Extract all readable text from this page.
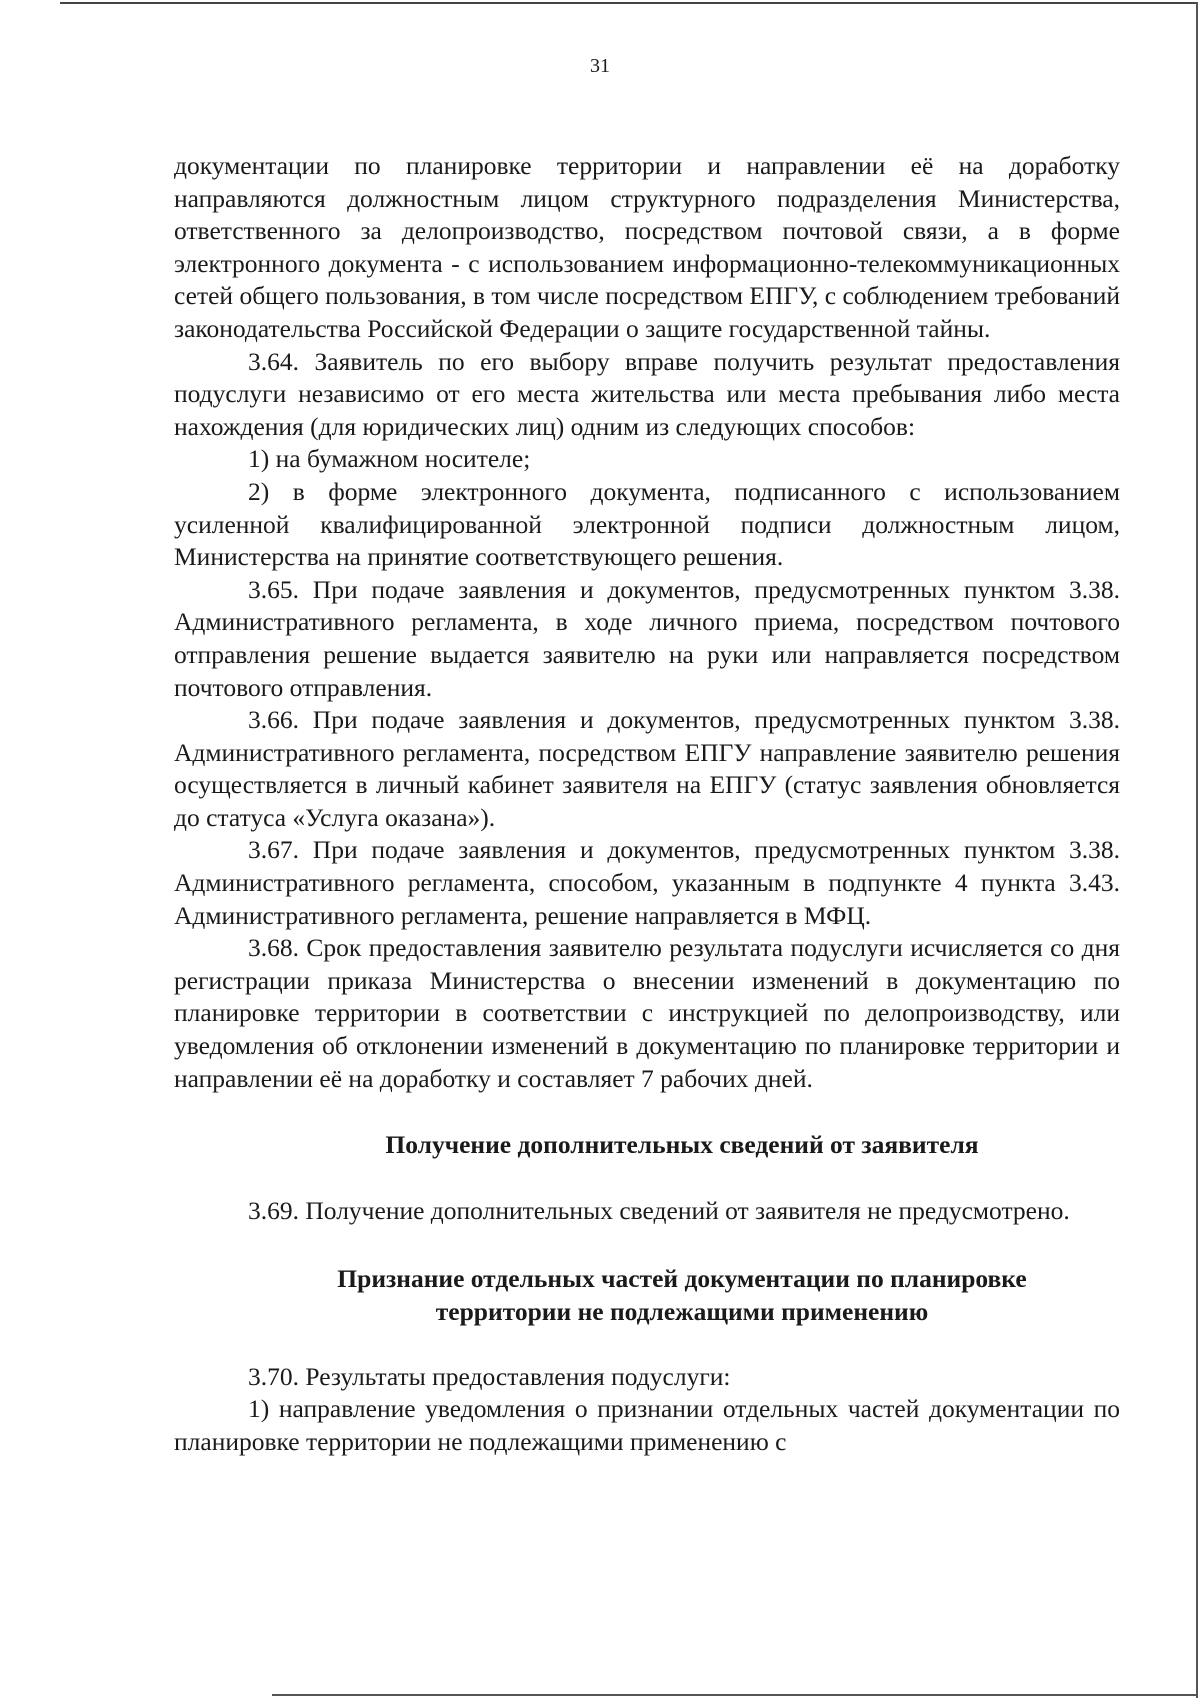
31

документации по планировке территории и направлении её на доработку направляются должностным лицом структурного подразделения Министерства, ответственного за делопроизводство, посредством почтовой связи, а в форме электронного документа - с использованием информационно-телекоммуникационных сетей общего пользования, в том числе посредством ЕПГУ, с соблюдением требований законодательства Российской Федерации о защите государственной тайны.

3.64. Заявитель по его выбору вправе получить результат предоставления подуслуги независимо от его места жительства или места пребывания либо места нахождения (для юридических лиц) одним из следующих способов:

1) на бумажном носителе;

2) в форме электронного документа, подписанного с использованием усиленной квалифицированной электронной подписи должностным лицом, Министерства на принятие соответствующего решения.

3.65. При подаче заявления и документов, предусмотренных пунктом 3.38. Административного регламента, в ходе личного приема, посредством почтового отправления решение выдается заявителю на руки или направляется посредством почтового отправления.

3.66. При подаче заявления и документов, предусмотренных пунктом 3.38. Административного регламента, посредством ЕПГУ направление заявителю решения осуществляется в личный кабинет заявителя на ЕПГУ (статус заявления обновляется до статуса «Услуга оказана»).

3.67. При подаче заявления и документов, предусмотренных пунктом 3.38. Административного регламента, способом, указанным в подпункте 4 пункта 3.43. Административного регламента, решение направляется в МФЦ.

3.68. Срок предоставления заявителю результата подуслуги исчисляется со дня регистрации приказа Министерства о внесении изменений в документацию по планировке территории в соответствии с инструкцией по делопроизводству, или уведомления об отклонении изменений в документацию по планировке территории и направлении её на доработку и составляет 7 рабочих дней.

Получение дополнительных сведений от заявителя

3.69. Получение дополнительных сведений от заявителя не предусмотрено.

Признание отдельных частей документации по планировке
территории не подлежащими применению

3.70. Результаты предоставления подуслуги:

1) направление уведомления о признании отдельных частей документации по планировке территории не подлежащими применению с
